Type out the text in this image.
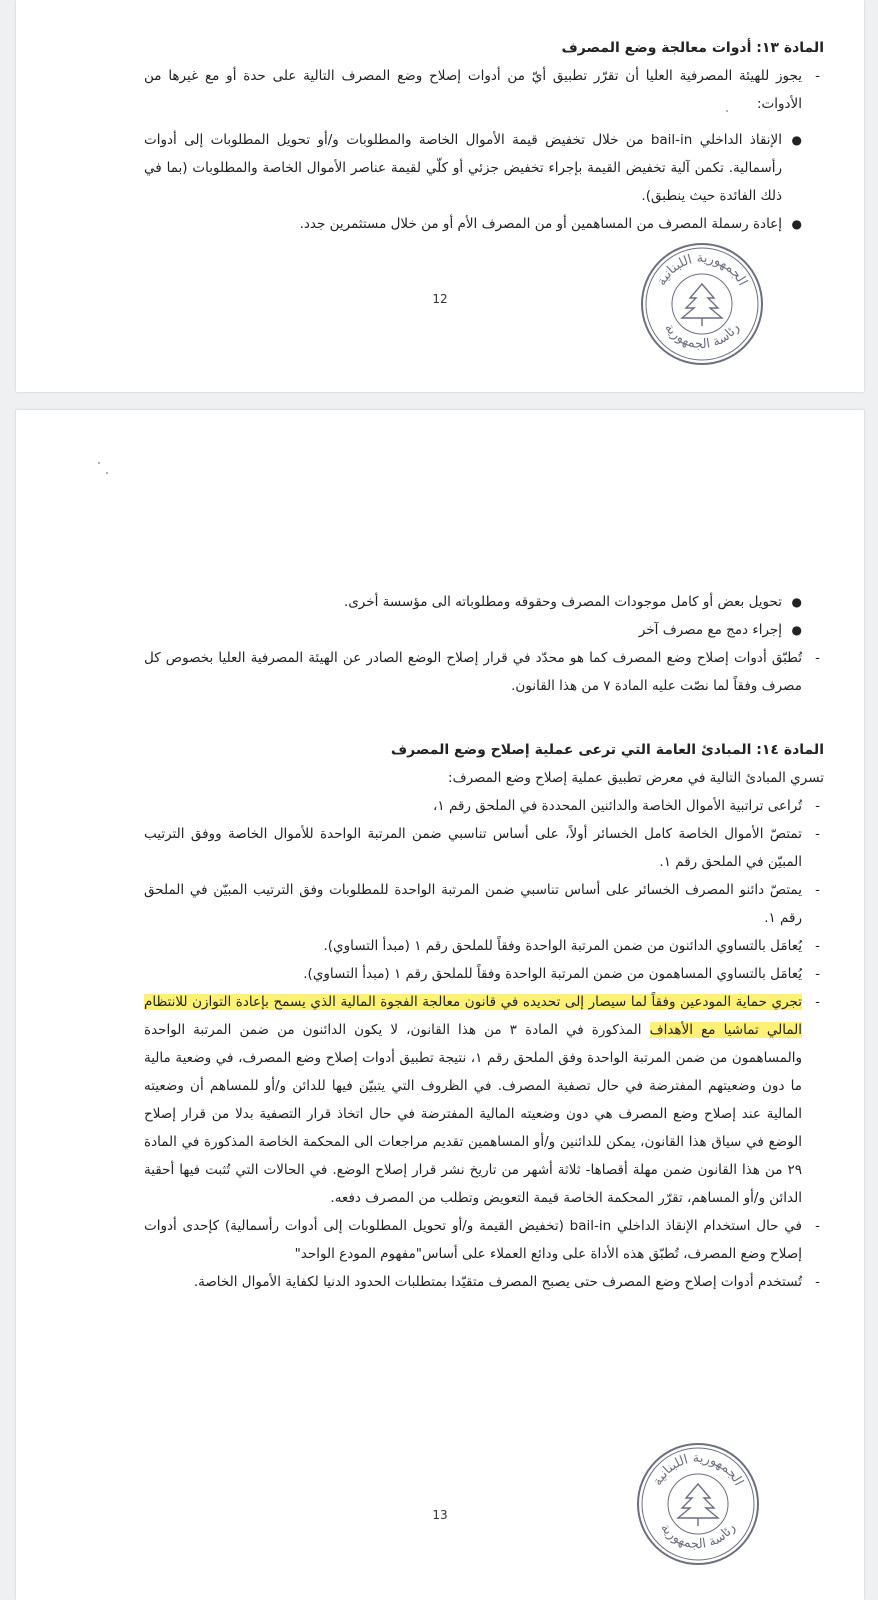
المادة ١٣: أدوات معالجة وضع المصرف
-
يجوز للهيئة المصرفية العليا أن تقرّر تطبيق أيّ من أدوات إصلاح وضع المصرف التالية على حدة أو مع غيرها من الأدوات:
●
الإنقاذ الداخلي bail-in من خلال تخفيض قيمة الأموال الخاصة والمطلوبات و/أو تحويل المطلوبات إلى أدوات رأسمالية. تكمن آلية تخفيض القيمة بإجراء تخفيض جزئي أو كلّي لقيمة عناصر الأموال الخاصة والمطلوبات (بما في ذلك الفائدة حيث ينطبق).
●
إعادة رسملة المصرف من المساهمين أو من المصرف الأم أو من خلال مستثمرين جدد.
12
الجمهورية اللبنانية
رئاسة الجمهورية
●
تحويل بعض أو كامل موجودات المصرف وحقوقه ومطلوباته الى مؤسسة أخرى.
●
إجراء دمج مع مصرف آخر
-
تُطبّق أدوات إصلاح وضع المصرف كما هو محدّد في قرار إصلاح الوضع الصادر عن الهيئة المصرفية العليا بخصوص كل مصرف وفقاً لما نصّت عليه المادة ٧ من هذا القانون.
المادة ١٤: المبادئ العامة التي ترعى عملية إصلاح وضع المصرف
تسري المبادئ التالية في معرض تطبيق عملية إصلاح وضع المصرف:
-
تُراعى تراتبية الأموال الخاصة والدائنين المحددة في الملحق رقم ١،
-
تمتصّ الأموال الخاصة كامل الخسائر أولاً، على أساس تناسبي ضمن المرتبة الواحدة للأموال الخاصة ووفق الترتيب المبيّن في الملحق رقم ١.
-
يمتصّ دائنو المصرف الخسائر على أساس تناسبي ضمن المرتبة الواحدة للمطلوبات وفق الترتيب المبيّن في الملحق رقم ١.
-
يُعامَل بالتساوي الدائنون من ضمن المرتبة الواحدة وفقاً للملحق رقم ١ (مبدأ التساوي).
-
يُعامَل بالتساوي المساهمون من ضمن المرتبة الواحدة وفقاً للملحق رقم ١ (مبدأ التساوي).
-
تجري حماية المودعين وفقاً لما سيصار إلى تحديده في قانون معالجة الفجوة المالية الذي يسمح بإعادة التوازن للانتظام المالي تماشيا مع الأهداف المذكورة في المادة ٣ من هذا القانون، لا يكون الدائنون من ضمن المرتبة الواحدة والمساهمون من ضمن المرتبة الواحدة وفق الملحق رقم ١، نتيجة تطبيق أدوات إصلاح وضع المصرف، في وضعية مالية ما دون وضعيتهم المفترضة في حال تصفية المصرف. في الظروف التي يتبيّن فيها للدائن و/أو للمساهم أن وضعيته المالية عند إصلاح وضع المصرف هي دون وضعيته المالية المفترضة في حال اتخاذ قرار التصفية بدلا من قرار إصلاح الوضع في سياق هذا القانون، يمكن للدائنين و/أو المساهمين تقديم مراجعات الى المحكمة الخاصة المذكورة في المادة ٢٩ من هذا القانون ضمن مهلة أقصاها- ثلاثة أشهر من تاريخ نشر قرار إصلاح الوضع. في الحالات التي تُثبت فيها أحقية الدائن و/أو المساهم، تقرّر المحكمة الخاصة قيمة التعويض وتطلب من المصرف دفعه.
-
في حال استخدام الإنقاذ الداخلي bail-in (تخفيض القيمة و/أو تحويل المطلوبات إلى أدوات رأسمالية) كإحدى أدوات إصلاح وضع المصرف، تُطبّق هذه الأداة على ودائع العملاء على أساس"مفهوم المودع الواحد"
-
تُستخدم أدوات إصلاح وضع المصرف حتى يصبح المصرف متقيّدا بمتطلبات الحدود الدنيا لكفاية الأموال الخاصة.
13
الجمهورية اللبنانية
رئاسة الجمهورية
